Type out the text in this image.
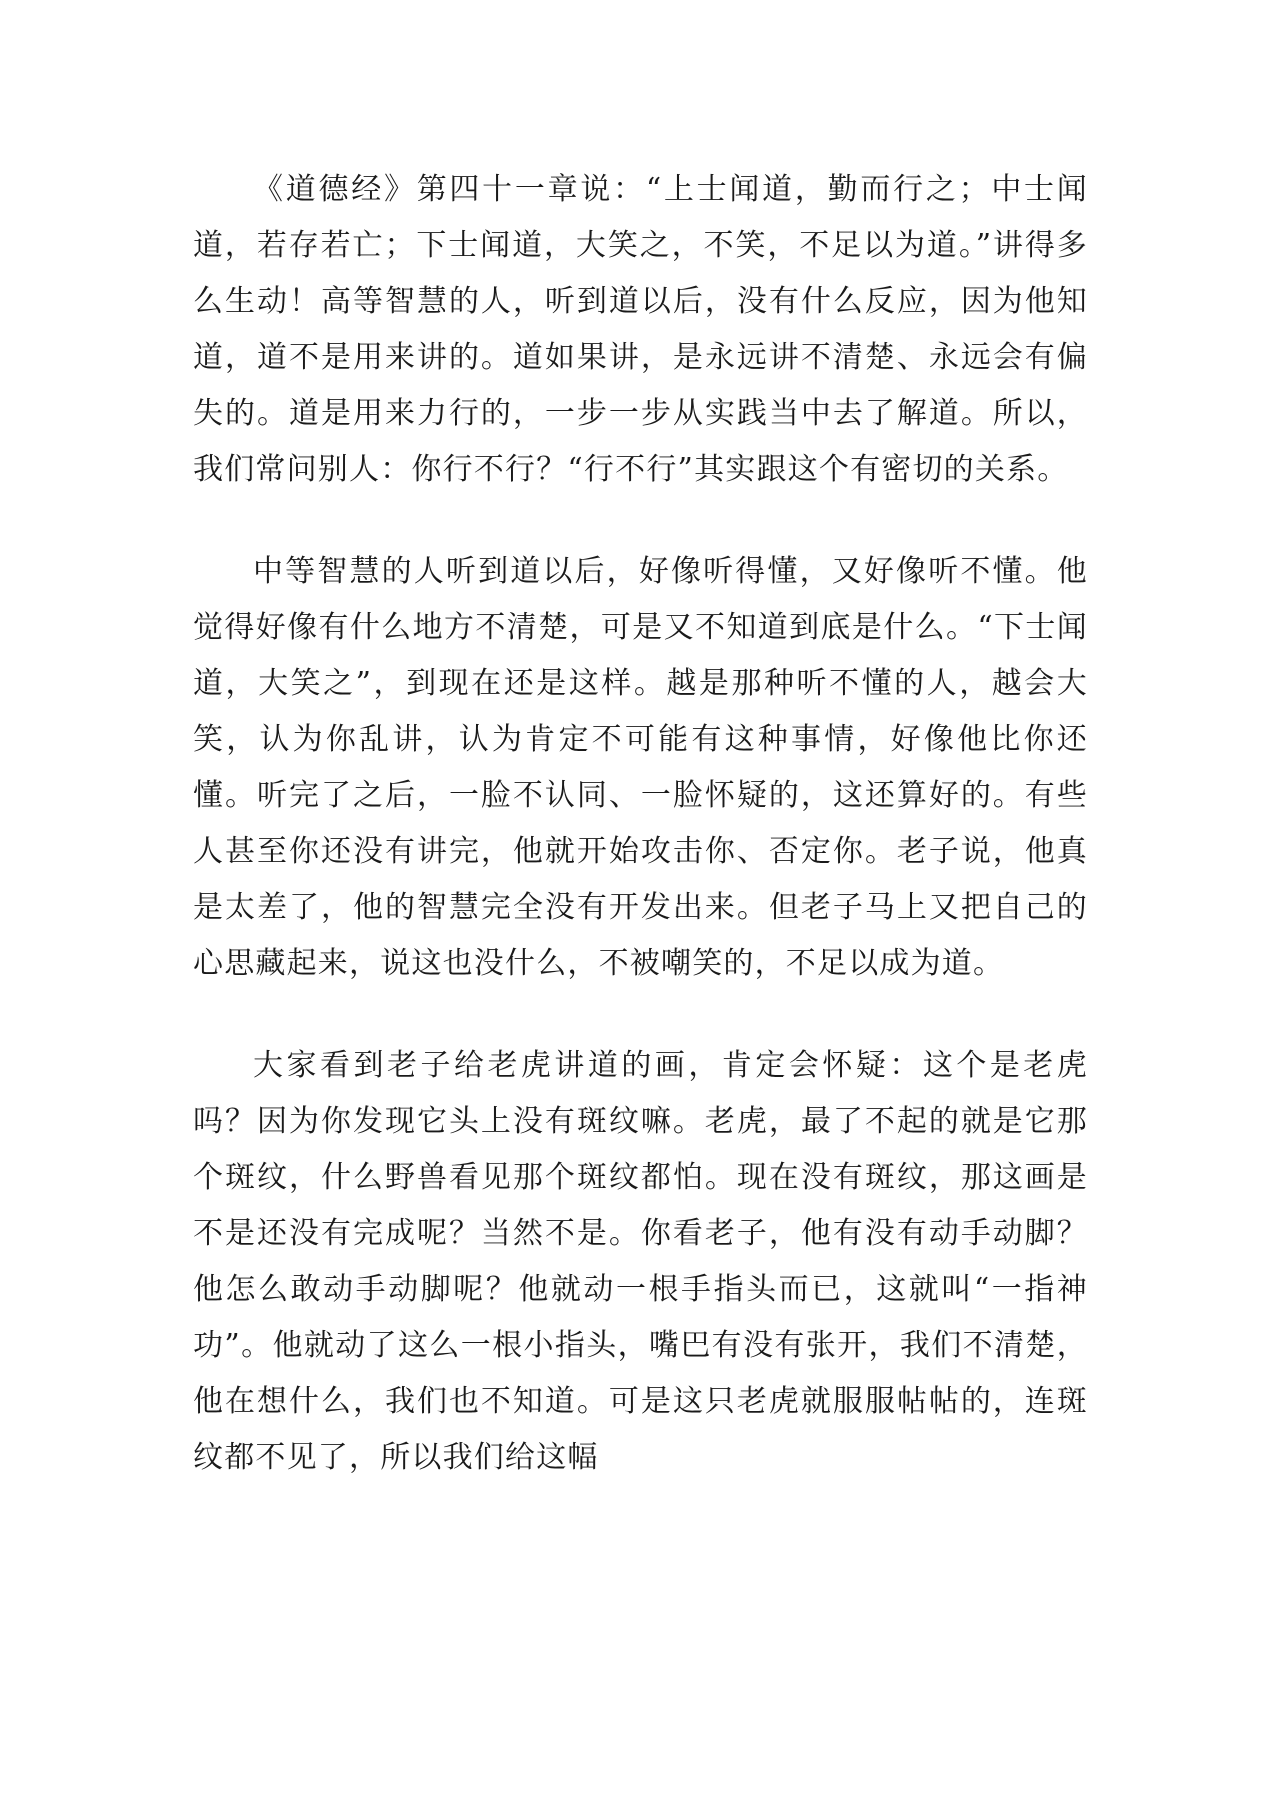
《道德经》第四十一章说：“上士闻道，勤而行之；中士闻道，若存若亡；下士闻道，大笑之，不笑，不足以为道。”讲得多么生动！高等智慧的人，听到道以后，没有什么反应，因为他知道，道不是用来讲的。道如果讲，是永远讲不清楚、永远会有偏失的。道是用来力行的，一步一步从实践当中去了解道。所以，我们常问别人：你行不行？“行不行”其实跟这个有密切的关系。

中等智慧的人听到道以后，好像听得懂，又好像听不懂。他觉得好像有什么地方不清楚，可是又不知道到底是什么。“下士闻道，大笑之”，到现在还是这样。越是那种听不懂的人，越会大笑，认为你乱讲，认为肯定不可能有这种事情，好像他比你还懂。听完了之后，一脸不认同、一脸怀疑的，这还算好的。有些人甚至你还没有讲完，他就开始攻击你、否定你。老子说，他真是太差了，他的智慧完全没有开发出来。但老子马上又把自己的心思藏起来，说这也没什么，不被嘲笑的，不足以成为道。

大家看到老子给老虎讲道的画，肯定会怀疑：这个是老虎吗？因为你发现它头上没有斑纹嘛。老虎，最了不起的就是它那个斑纹，什么野兽看见那个斑纹都怕。现在没有斑纹，那这画是不是还没有完成呢？当然不是。你看老子，他有没有动手动脚？他怎么敢动手动脚呢？他就动一根手指头而已，这就叫“一指神功”。他就动了这么一根小指头，嘴巴有没有张开，我们不清楚，他在想什么，我们也不知道。可是这只老虎就服服帖帖的，连斑纹都不见了，所以我们给这幅
